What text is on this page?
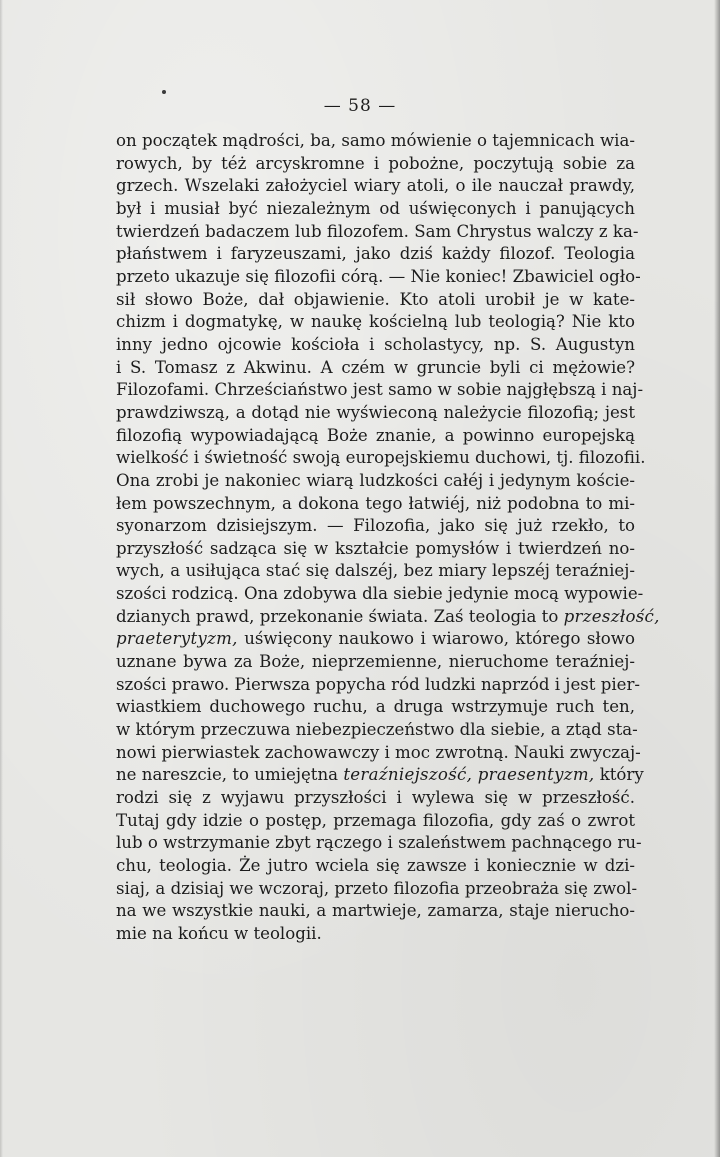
— 58 —
on początek mądrości, ba, samo mówienie o tajemnicach wia-
rowych, by téż arcyskromne i pobożne, poczytują sobie za
grzech. Wszelaki założyciel wiary atoli, o ile nauczał prawdy,
był i musiał być niezależnym od uświęconych i panujących
twierdzeń badaczem lub filozofem. Sam Chrystus walczy z ka-
płaństwem i faryzeuszami, jako dziś każdy filozof. Teologia
przeto ukazuje się filozofii córą. — Nie koniec! Zbawiciel ogło-
sił słowo Boże, dał objawienie. Kto atoli urobił je w kate-
chizm i dogmatykę, w naukę kościelną lub teologią? Nie kto
inny jedno ojcowie kościoła i scholastycy, np. S. Augustyn
i S. Tomasz z Akwinu. A czém w gruncie byli ci mężowie?
Filozofami. Chrześciaństwo jest samo w sobie najgłębszą i naj-
prawdziwszą, a dotąd nie wyświeconą należycie filozofią; jest
filozofią wypowiadającą Boże znanie, a powinno europejską
wielkość i świetność swoją europejskiemu duchowi, tj. filozofii.
Ona zrobi je nakoniec wiarą ludzkości całéj i jedynym koście-
łem powszechnym, a dokona tego łatwiéj, niż podobna to mi-
syonarzom dzisiejszym. — Filozofia, jako się już rzekło, to
przyszłość sadząca się w kształcie pomysłów i twierdzeń no-
wych, a usiłująca stać się dalszéj, bez miary lepszéj teraźniej-
szości rodzicą. Ona zdobywa dla siebie jedynie mocą wypowie-
dzianych prawd, przekonanie świata. Zaś teologia to przeszłość,
praeterytyzm, uświęcony naukowo i wiarowo, którego słowo
uznane bywa za Boże, nieprzemienne, nieruchome teraźniej-
szości prawo. Pierwsza popycha ród ludzki naprzód i jest pier-
wiastkiem duchowego ruchu, a druga wstrzymuje ruch ten,
w którym przeczuwa niebezpieczeństwo dla siebie, a ztąd sta-
nowi pierwiastek zachowawczy i moc zwrotną. Nauki zwyczaj-
ne nareszcie, to umiejętna teraźniejszość, praesentyzm, który
rodzi się z wyjawu przyszłości i wylewa się w przeszłość.
Tutaj gdy idzie o postęp, przemaga filozofia, gdy zaś o zwrot
lub o wstrzymanie zbyt rączego i szaleństwem pachnącego ru-
chu, teologia. Że jutro wciela się zawsze i koniecznie w dzi-
siaj, a dzisiaj we wczoraj, przeto filozofia przeobraża się zwol-
na we wszystkie nauki, a martwieje, zamarza, staje nierucho-
mie na końcu w teologii.
